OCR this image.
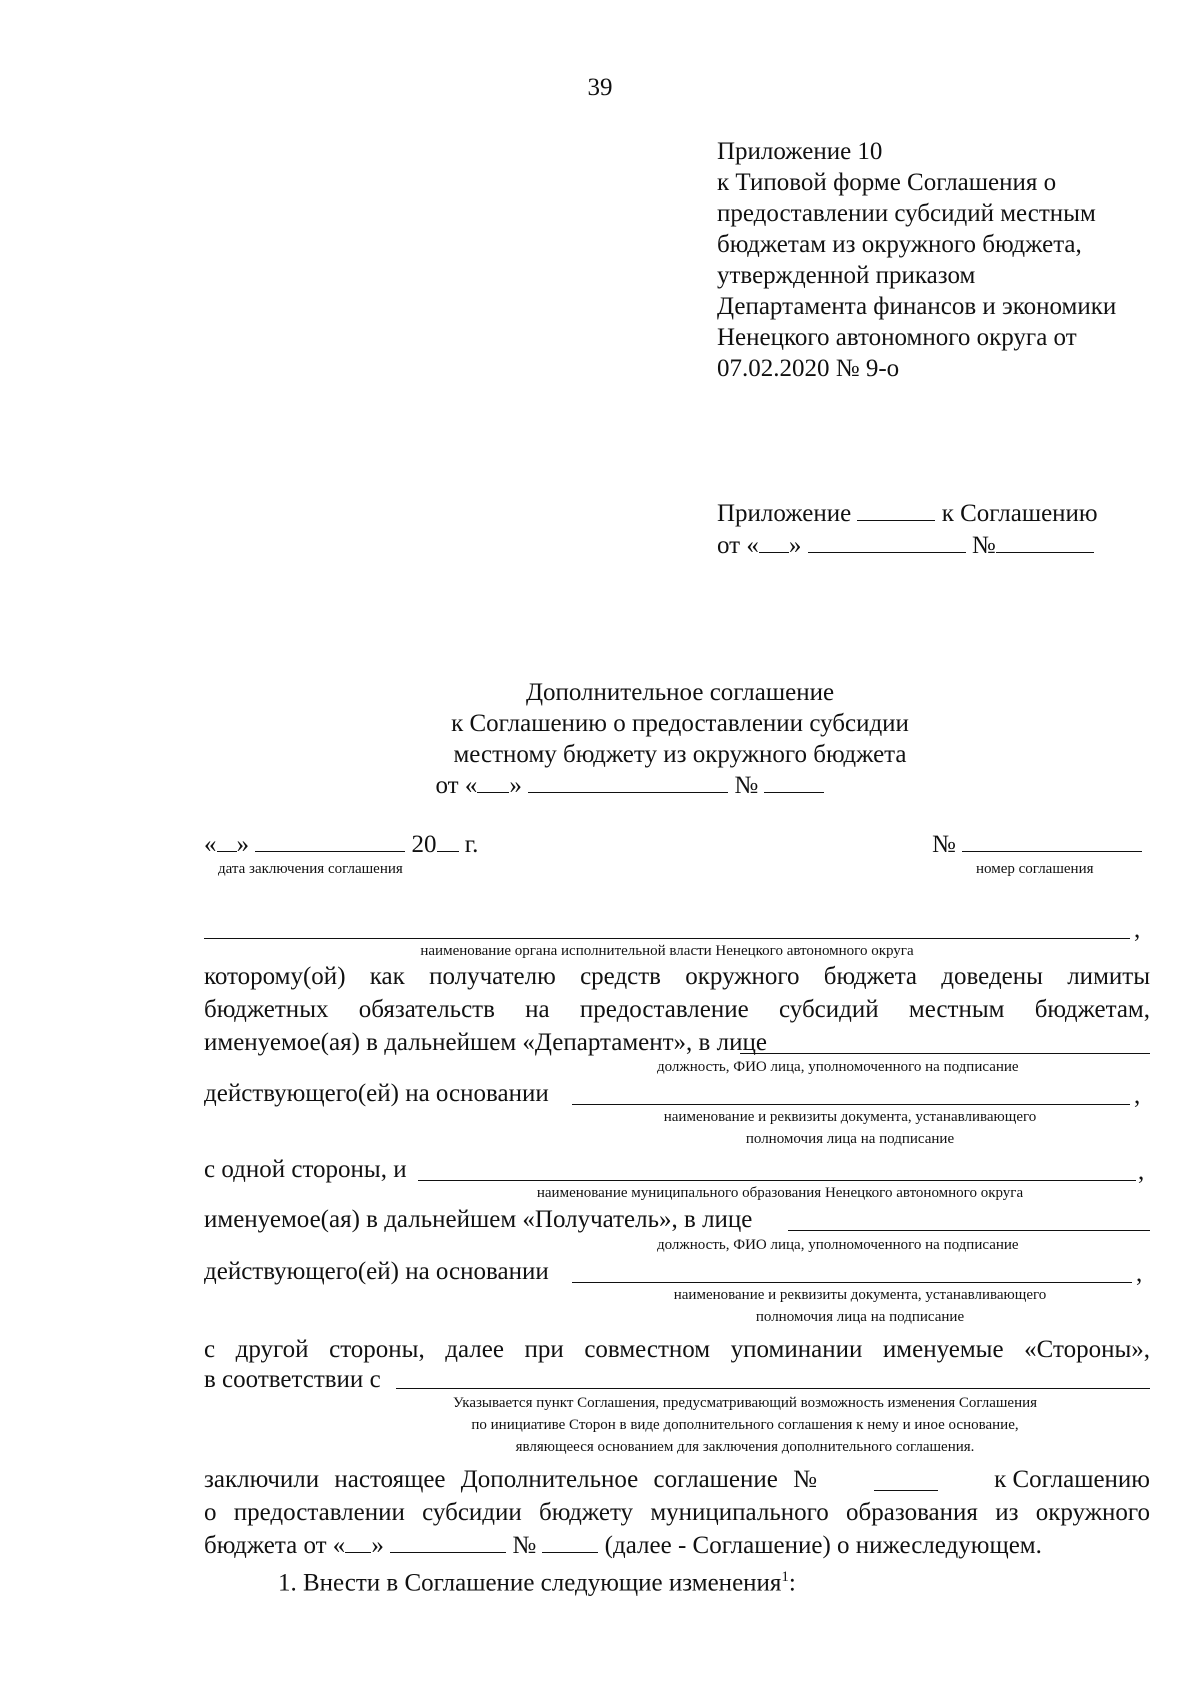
39
Приложение 10
к Типовой форме Соглашения о
предоставлении субсидий местным
бюджетам из окружного бюджета,
утвержденной приказом
Департамента финансов и экономики
Ненецкого автономного округа от
07.02.2020 № 9-о
Приложение	к Соглашению
от « »	№
Дополнительное соглашение
к Соглашению о предоставлении субсидии
местному бюджету из окружного бюджета
от « »	№
« »	20 г.
дата заключения соглашения
№
номер соглашения
,
наименование органа исполнительной власти Ненецкого автономного округа
которому(ой) как получателю средств окружного бюджета доведены лимиты
бюджетных обязательств на предоставление субсидий местным бюджетам,
именуемое(ая) в дальнейшем «Департамент», в лице
должность, ФИО лица, уполномоченного на подписание
действующего(ей) на основании	,
наименование и реквизиты документа, устанавливающего
полномочия лица на подписание
с одной стороны, и	,
наименование муниципального образования Ненецкого автономного округа
именуемое(ая) в дальнейшем «Получатель», в лице
должность, ФИО лица, уполномоченного на подписание
действующего(ей) на основании	,
наименование и реквизиты документа, устанавливающего
полномочия лица на подписание
с другой стороны, далее при совместном упоминании именуемые «Стороны»,
в соответствии с
Указывается пункт Соглашения, предусматривающий возможность изменения Соглашения
по инициативе Сторон в виде дополнительного соглашения к нему и иное основание,
являющееся основанием для заключения дополнительного соглашения.
заключили настоящее Дополнительное соглашение №	к Соглашению
о предоставлении субсидии бюджету муниципального образования из окружного
бюджета от « »	№	(далее - Соглашение) о нижеследующем.
1. Внести в Соглашение следующие изменения$^1$:
